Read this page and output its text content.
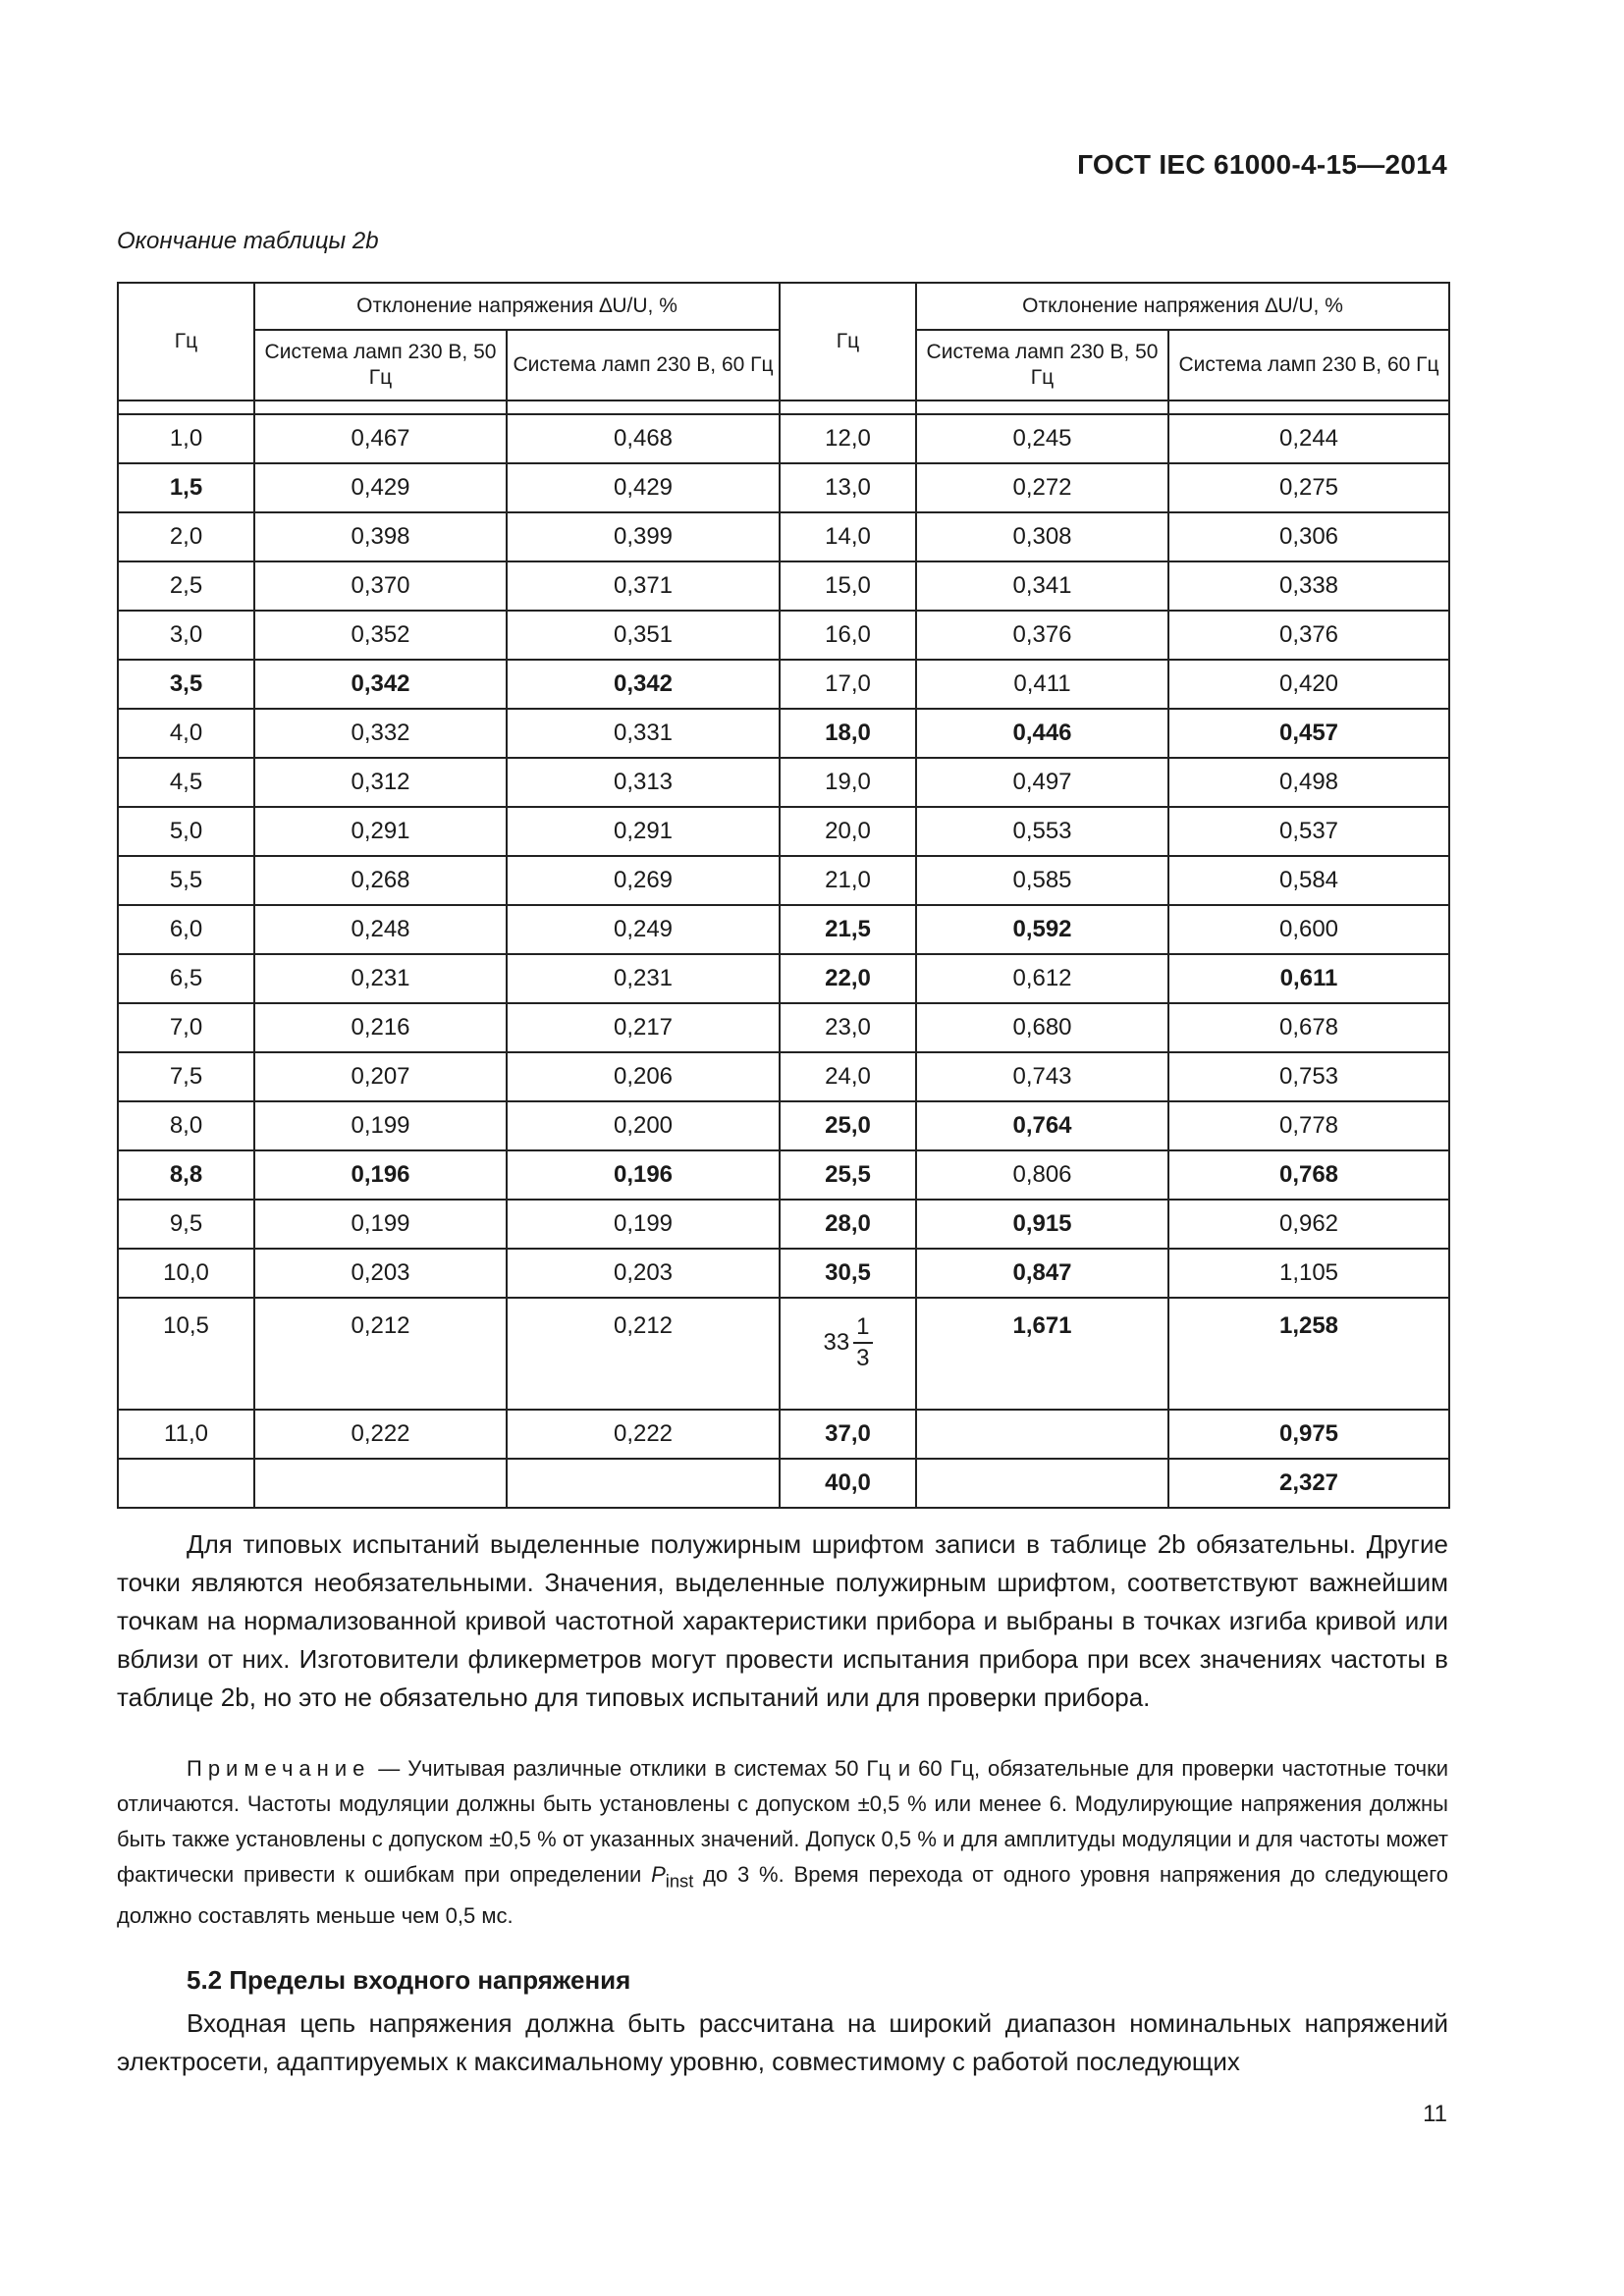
ГОСТ IEC 61000-4-15—2014
Окончание таблицы 2b
Гц	Отклонение напряжения ∆U/U, %		Гц	Отклонение напряжения ∆U/U, %	
	Система ламп 230 В, 50 Гц	Система ламп 230 В, 60 Гц		Система ламп 230 В, 50 Гц	Система ламп 230 В, 60 Гц

1,0	0,467	0,468	12,0	0,245	0,244
1,5	0,429	0,429	13,0	0,272	0,275
2,0	0,398	0,399	14,0	0,308	0,306
2,5	0,370	0,371	15,0	0,341	0,338
3,0	0,352	0,351	16,0	0,376	0,376
3,5	0,342	0,342	17,0	0,411	0,420
4,0	0,332	0,331	18,0	0,446	0,457
4,5	0,312	0,313	19,0	0,497	0,498
5,0	0,291	0,291	20,0	0,553	0,537
5,5	0,268	0,269	21,0	0,585	0,584
6,0	0,248	0,249	21,5	0,592	0,600
6,5	0,231	0,231	22,0	0,612	0,611
7,0	0,216	0,217	23,0	0,680	0,678
7,5	0,207	0,206	24,0	0,743	0,753
8,0	0,199	0,200	25,0	0,764	0,778
8,8	0,196	0,196	25,5	0,806	0,768
9,5	0,199	0,199	28,0	0,915	0,962
10,0	0,203	0,203	30,5	0,847	1,105
10,5	0,212	0,212	$33 \frac{1}{3}$	1,671	1,258
11,0	0,222	0,222	37,0		0,975
			40,0		2,327
Для типовых испытаний выделенные полужирным шрифтом записи в таблице 2b обязательны. Другие точки являются необязательными. Значения, выделенные полужирным шрифтом, соответствуют важнейшим точкам на нормализованной кривой частотной характеристики прибора и выбраны в точках изгиба кривой или вблизи от них. Изготовители фликерметров могут провести испытания прибора при всех значениях частоты в таблице 2b, но это не обязательно для типовых испытаний или для проверки прибора.
Примечание — Учитывая различные отклики в системах 50 Гц и 60 Гц, обязательные для проверки частотные точки отличаются. Частоты модуляции должны быть установлены с допуском ±0,5 % или менее 6. Модулирующие напряжения должны быть также установлены с допуском ±0,5 % от указанных значений. Допуск 0,5 % и для амплитуды модуляции и для частоты может фактически привести к ошибкам при определении $P_{inst}$ до 3 %. Время перехода от одного уровня напряжения до следующего должно составлять меньше чем 0,5 мс.
5.2 Пределы входного напряжения
Входная цепь напряжения должна быть рассчитана на широкий диапазон номинальных напряжений электросети, адаптируемых к максимальному уровню, совместимому с работой последующих
11
